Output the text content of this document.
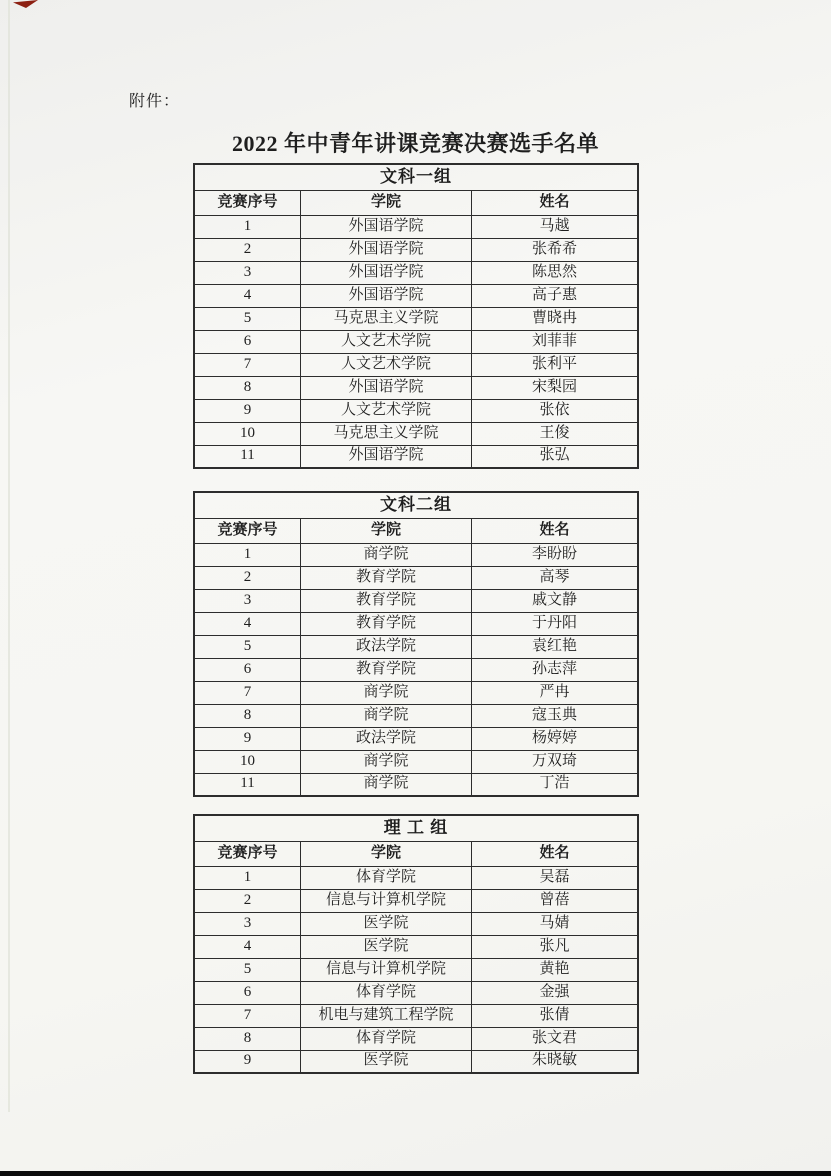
附件：
2022 年中青年讲课竞赛决赛选手名单
文科一组		
竞赛序号	学院	姓名
1	外国语学院	马越
2	外国语学院	张希希
3	外国语学院	陈思然
4	外国语学院	高子惠
5	马克思主义学院	曹晓冉
6	人文艺术学院	刘菲菲
7	人文艺术学院	张利平
8	外国语学院	宋梨园
9	人文艺术学院	张依
10	马克思主义学院	王俊
11	外国语学院	张弘
文科二组		
竞赛序号	学院	姓名
1	商学院	李盼盼
2	教育学院	高琴
3	教育学院	戚文静
4	教育学院	于丹阳
5	政法学院	袁红艳
6	教育学院	孙志萍
7	商学院	严冉
8	商学院	寇玉典
9	政法学院	杨婷婷
10	商学院	万双琦
11	商学院	丁浩
理 工 组		
竞赛序号	学院	姓名
1	体育学院	吴磊
2	信息与计算机学院	曾蓓
3	医学院	马婧
4	医学院	张凡
5	信息与计算机学院	黄艳
6	体育学院	金强
7	机电与建筑工程学院	张倩
8	体育学院	张文君
9	医学院	朱晓敏
